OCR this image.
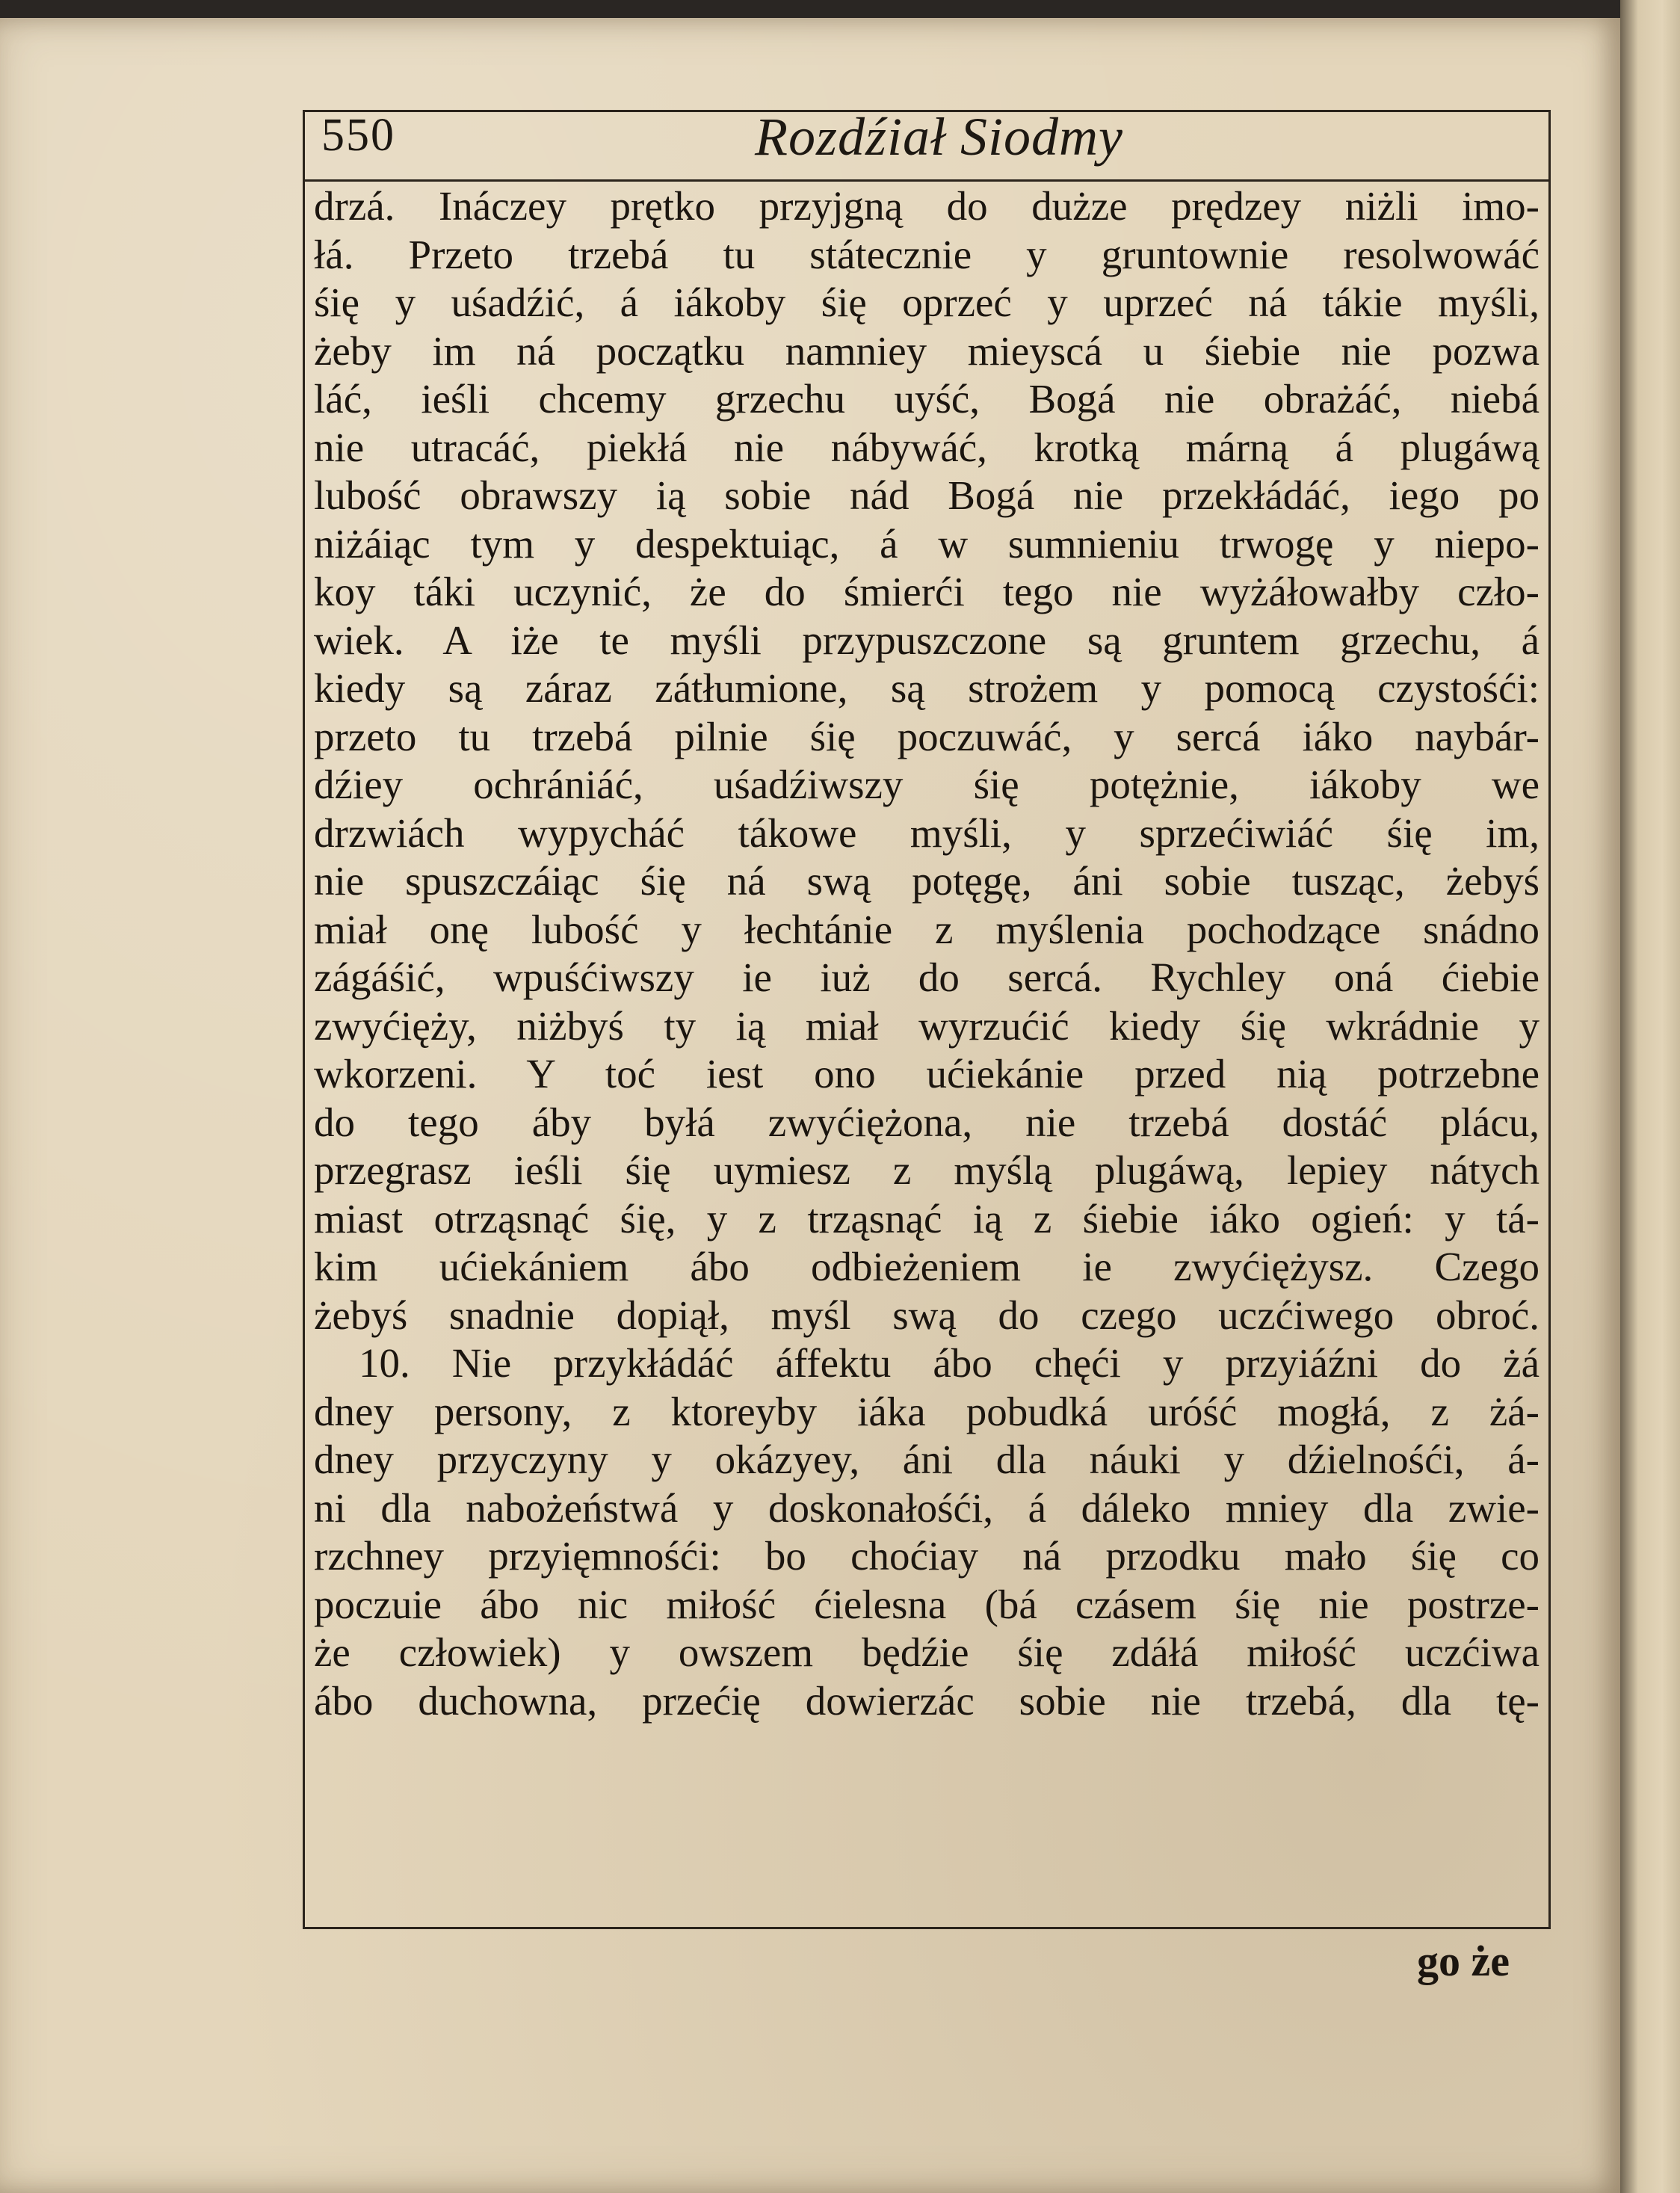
550	Rozdźiał Siodmy
drzá. Ináczey prętko przyjgną do dużze prędzey niżli imo-
łá. Przeto trzebá tu státecznie y gruntownie resolwowáć
śię y uśadźić, á iákoby śię oprzeć y uprzeć ná tákie myśli,
żeby im ná początku namniey mieyscá u śiebie nie pozwa
láć, ieśli chcemy grzechu uyść, Bogá nie obrażáć, niebá
nie utracáć, piekłá nie nábywáć, krotką márną á plugáwą
lubość obrawszy ią sobie nád Bogá nie przekłádáć, iego po
niżáiąc tym y despektuiąc, á w sumnieniu trwogę y niepo-
koy táki uczynić, że do śmierći tego nie wyżáłowałby czło-
wiek. A iże te myśli przypuszczone są gruntem grzechu, á
kiedy są záraz zátłumione, są strożem y pomocą czystośći:
przeto tu trzebá pilnie śię poczuwáć, y sercá iáko naybár-
dźiey ochrániáć, uśadźiwszy śię potężnie, iákoby we
drzwiách wypycháć tákowe myśli, y sprzećiwiáć śię im,
nie spuszczáiąc śię ná swą potęgę, áni sobie tusząc, żebyś
miał onę lubość y łechtánie z myślenia pochodzące snádno
zágáśić, wpuśćiwszy ie iuż do sercá. Rychley oná ćiebie
zwyćięży, niżbyś ty ią miał wyrzućić kiedy śię wkrádnie y
wkorzeni. Y toć iest ono ućiekánie przed nią potrzebne
do tego áby byłá zwyćiężona, nie trzebá dostáć plácu,
przegrasz ieśli śię uymiesz z myślą plugáwą, lepiey nátych
miast otrząsnąć śię, y z trząsnąć ią z śiebie iáko ogień: y tá-
kim ućiekániem ábo odbieżeniem ie zwyćiężysz. Czego
żebyś snadnie dopiął, myśl swą do czego uczćiwego obroć.
10. Nie przykłádáć áffektu ábo chęći y przyiáźni do żá
dney persony, z ktoreyby iáka pobudká uróść mogłá, z żá-
dney przyczyny y okázyey, áni dla náuki y dźielnośći, á-
ni dla nabożeństwá y doskonałośći, á dáleko mniey dla zwie-
rzchney przyięmnośći: bo choćiay ná przodku mało śię co
poczuie ábo nic miłość ćielesna (bá czásem śię nie postrze-
że człowiek) y owszem będźie śię zdáłá miłość uczćiwa
ábo duchowna, przećię dowierzác sobie nie trzebá, dla tę-
go że
